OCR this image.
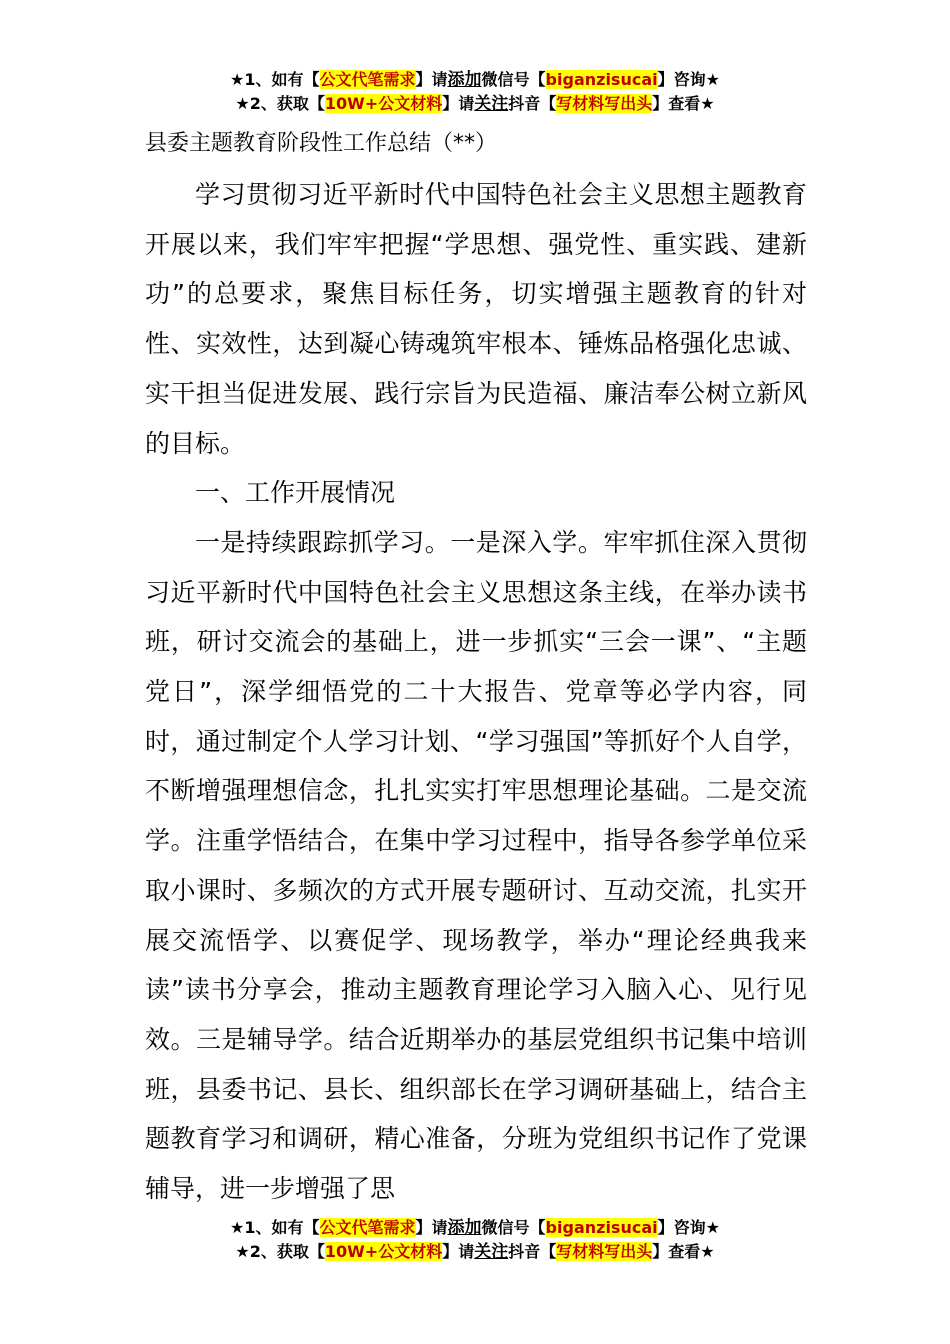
★1、如有【公文代笔需求】请添加微信号【biganzisucai】咨询★
★2、获取【10W+公文材料】请关注抖音【写材料写出头】查看★
县委主题教育阶段性工作总结（**）

学习贯彻习近平新时代中国特色社会主义思想主题教育开展以来，我们牢牢把握“学思想、强党性、重实践、建新功”的总要求，聚焦目标任务，切实增强主题教育的针对性、实效性，达到凝心铸魂筑牢根本、锤炼品格强化忠诚、实干担当促进发展、践行宗旨为民造福、廉洁奉公树立新风的目标。

一、工作开展情况

一是持续跟踪抓学习。一是深入学。牢牢抓住深入贯彻习近平新时代中国特色社会主义思想这条主线，在举办读书班，研讨交流会的基础上，进一步抓实“三会一课”、“主题党日”，深学细悟党的二十大报告、党章等必学内容，同时，通过制定个人学习计划、“学习强国”等抓好个人自学，不断增强理想信念，扎扎实实打牢思想理论基础。二是交流学。注重学悟结合，在集中学习过程中，指导各参学单位采取小课时、多频次的方式开展专题研讨、互动交流，扎实开展交流悟学、以赛促学、现场教学，举办“理论经典我来读”读书分享会，推动主题教育理论学习入脑入心、见行见效。三是辅导学。结合近期举办的基层党组织书记集中培训班，县委书记、县长、组织部长在学习调研基础上，结合主题教育学习和调研，精心准备，分班为党组织书记作了党课辅导，进一步增强了思

★1、如有【公文代笔需求】请添加微信号【biganzisucai】咨询★
★2、获取【10W+公文材料】请关注抖音【写材料写出头】查看★
